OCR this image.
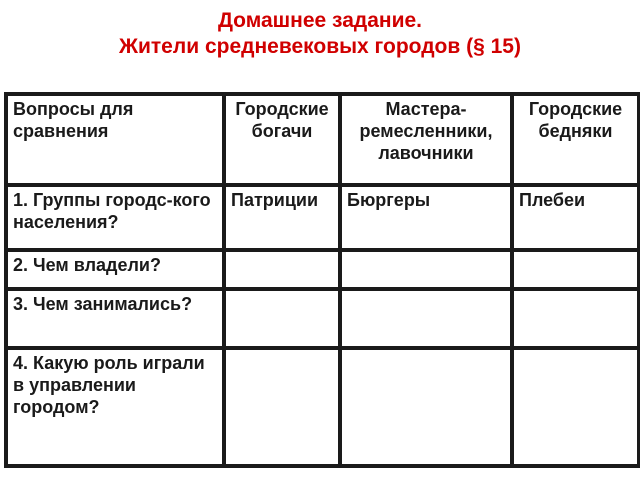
Домашнее задание.
Жители средневековых городов (§ 15)
Вопросы для сравнения	Городские богачи	Мастера-ремесленники, лавочники	Городские бедняки
1. Группы городс-кого населения?	Патриции	Бюргеры	Плебеи
2. Чем владели?			
3. Чем занимались?			
4. Какую роль играли в управлении городом?			
